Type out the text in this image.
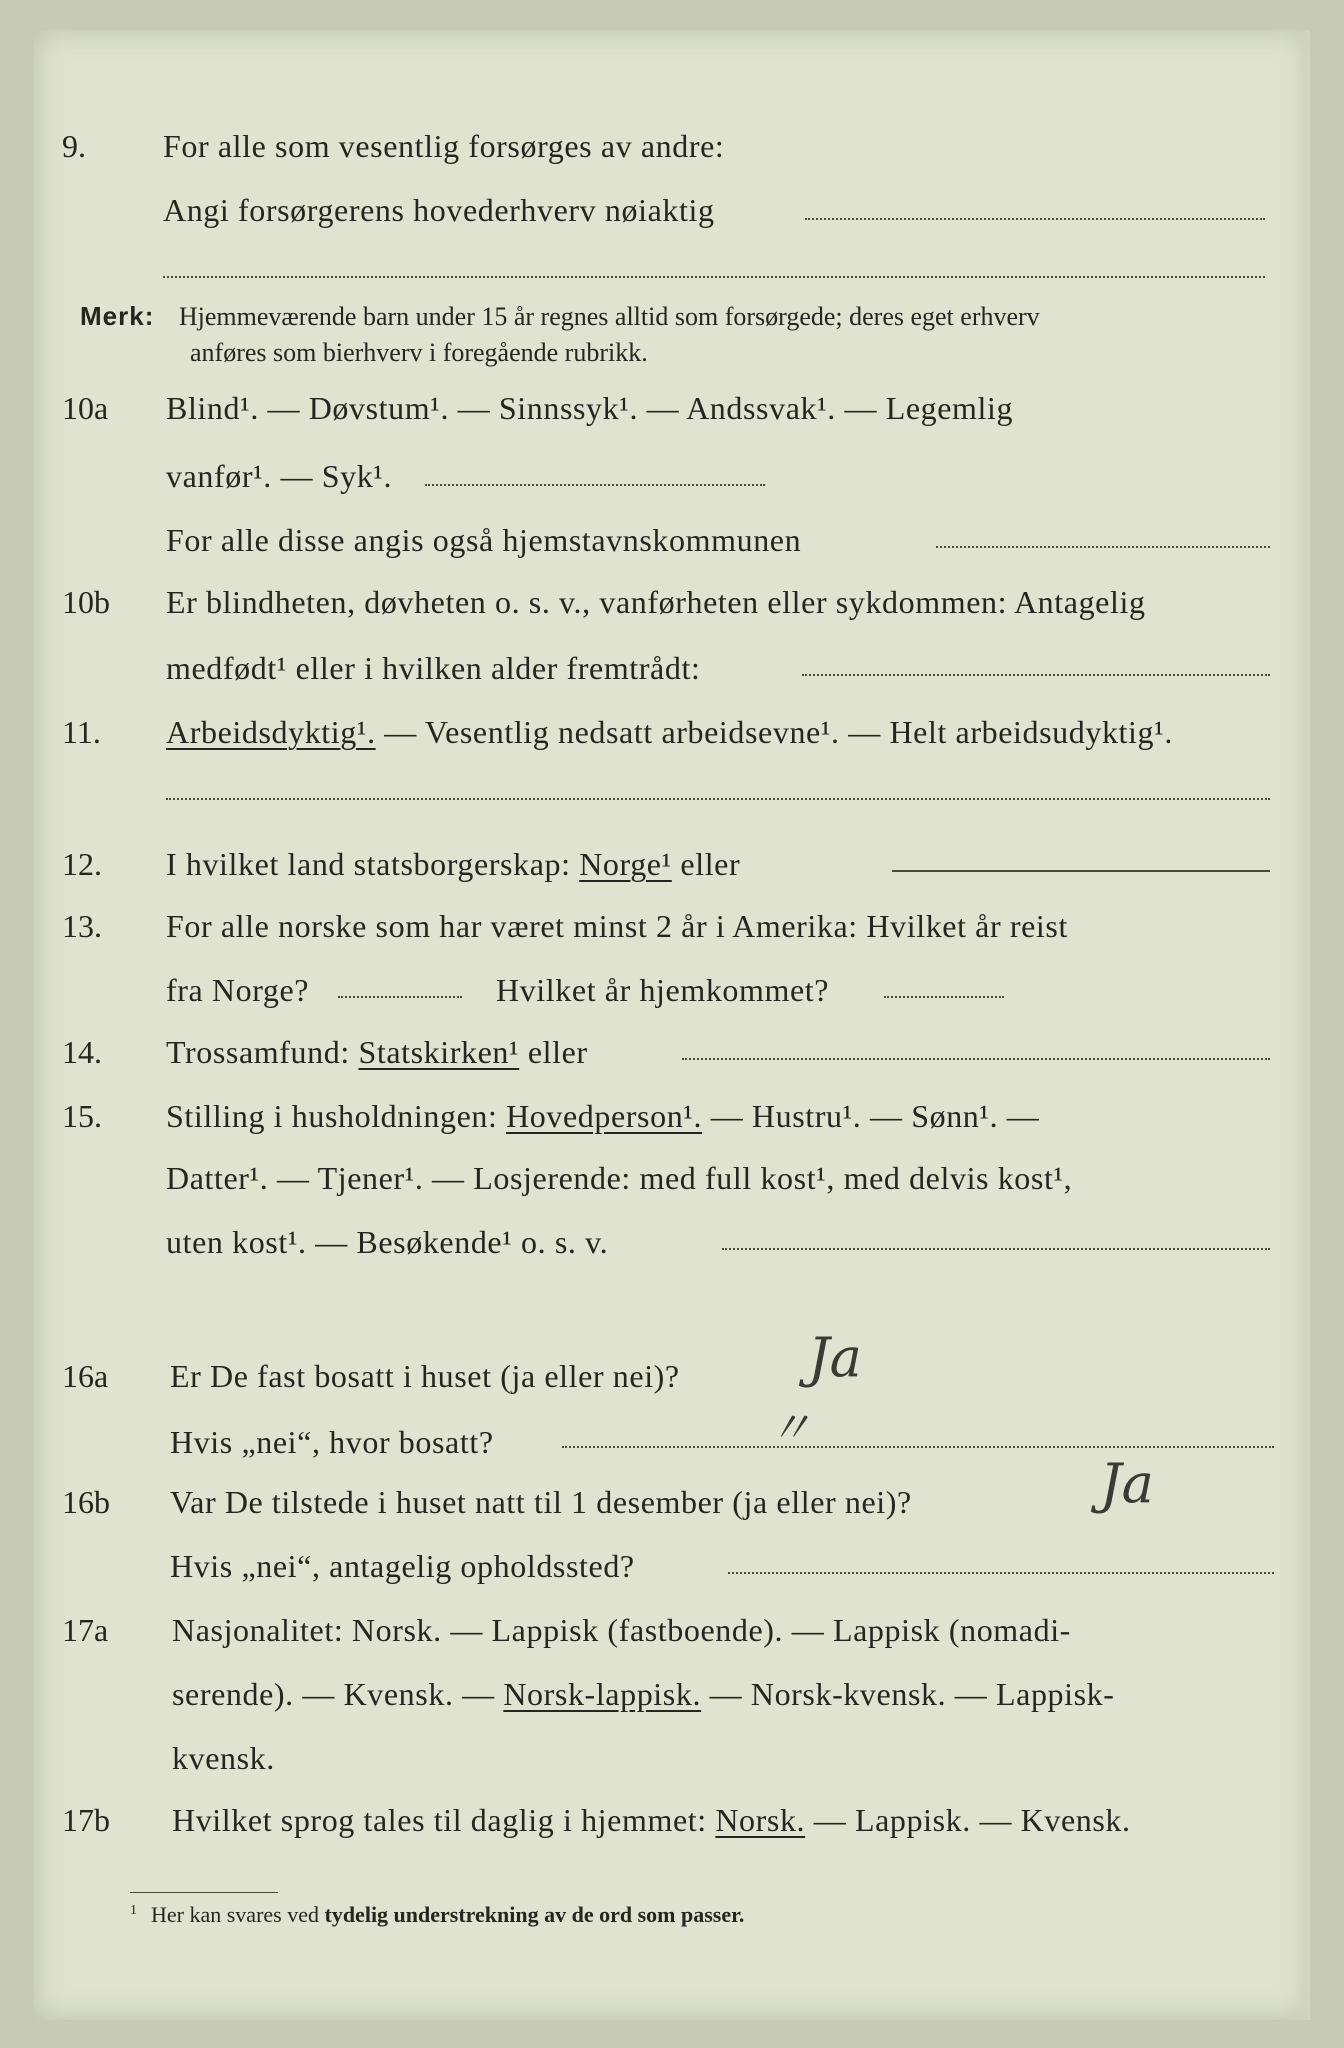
9. For alle som vesentlig forsørges av andre:
Angi forsørgerens hovederhverv nøiaktig
Merk: Hjemmeværende barn under 15 år regnes alltid som forsørgede; deres eget erhverv
anføres som bierhverv i foregående rubrikk.
10a Blind¹. — Døvstum¹. — Sinnssyk¹. — Andssvak¹. — Legemlig
vanfør¹. — Syk¹.
For alle disse angis også hjemstavnskommunen
10b Er blindheten, døvheten o. s. v., vanførheten eller sykdommen: Antagelig
medfødt¹ eller i hvilken alder fremtrådt:
11. Arbeidsdyktig¹. — Vesentlig nedsatt arbeidsevne¹. — Helt arbeidsudyktig¹.
12. I hvilket land statsborgerskap: Norge¹ eller
13. For alle norske som har været minst 2 år i Amerika: Hvilket år reist
fra Norge?	Hvilket år hjemkommet?
14. Trossamfund: Statskirken¹ eller
15. Stilling i husholdningen: Hovedperson¹. — Hustru¹. — Sønn¹. —
Datter¹. — Tjener¹. — Losjerende: med full kost¹, med delvis kost¹,
uten kost¹. — Besøkende¹ o. s. v.
16a Er De fast bosatt i huset (ja eller nei)? Ja
Hvis „nei“, hvor bosatt?	〃
16b Var De tilstede i huset natt til 1 desember (ja eller nei)?	Ja
Hvis „nei“, antagelig opholdssted?
17a Nasjonalitet: Norsk. — Lappisk (fastboende). — Lappisk (nomadi-
serende). — Kvensk. — Norsk-lappisk. — Norsk-kvensk. — Lappisk-
kvensk.
17b Hvilket sprog tales til daglig i hjemmet: Norsk. — Lappisk. — Kvensk.
$^1$ Her kan svares ved tydelig understrekning av de ord som passer.
